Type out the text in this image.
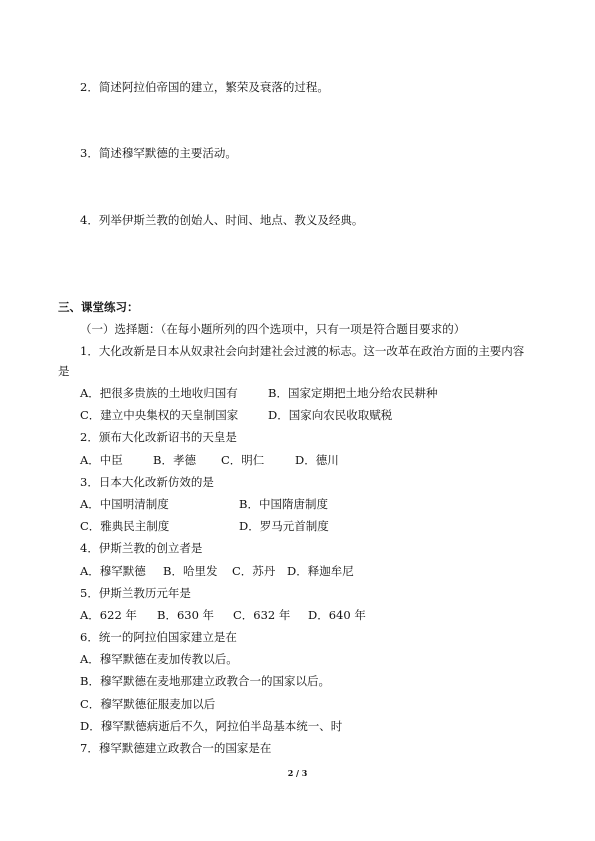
2．简述阿拉伯帝国的建立，繁荣及衰落的过程。
3．简述穆罕默德的主要活动。
4．列举伊斯兰教的创始人、时间、地点、教义及经典。
三、课堂练习：
（一）选择题：（在每小题所列的四个选项中，只有一项是符合题目要求的）
1．大化改新是日本从奴隶社会向封建社会过渡的标志。这一改革在政治方面的主要内容
是
A．把很多贵族的土地收归国有	B．国家定期把土地分给农民耕种
C．建立中央集权的天皇制国家	D．国家向农民收取赋税
2．颁布大化改新诏书的天皇是
A．中臣	B．孝德 C．明仁	D．德川
3．日本大化改新仿效的是
A．中国明清制度	B．中国隋唐制度
C．雅典民主制度	D．罗马元首制度
4．伊斯兰教的创立者是
A．穆罕默德 B．哈里发 C．苏丹 D．释迦牟尼
5．伊斯兰教历元年是
A．622 年 B．630 年 C．632 年 D．640 年
6．统一的阿拉伯国家建立是在
A．穆罕默德在麦加传教以后。
B．穆罕默德在麦地那建立政教合一的国家以后。
C．穆罕默德征服麦加以后
D．穆罕默德病逝后不久，阿拉伯半岛基本统一、时
7．穆罕默德建立政教合一的国家是在
2 / 3
